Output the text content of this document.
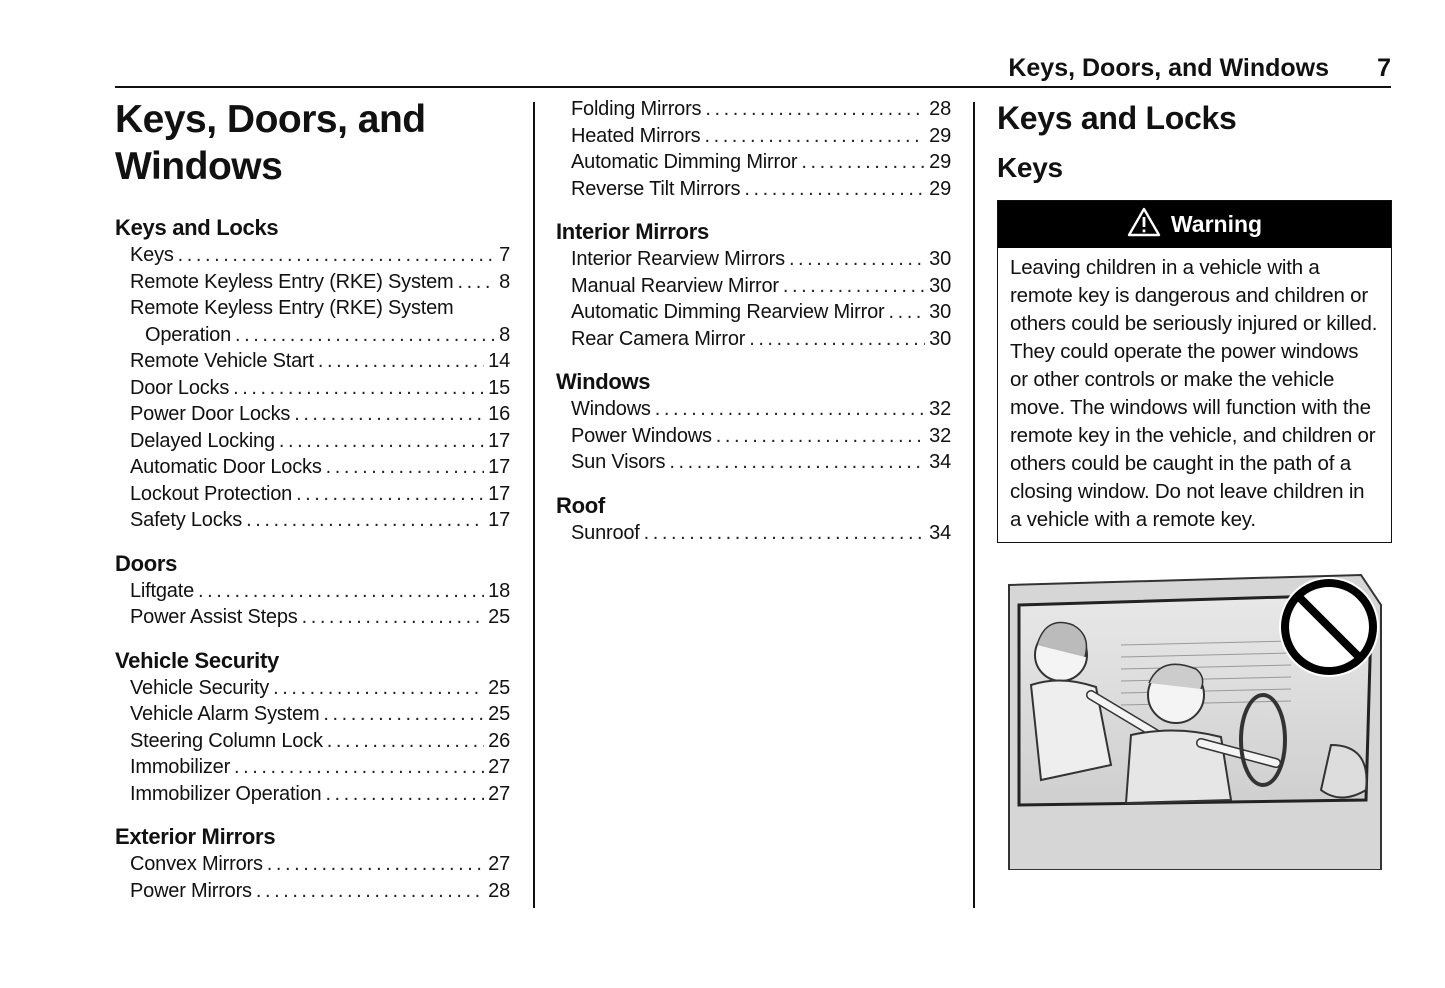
Keys, Doors, and Windows 7
Keys, Doors, and
Windows
Keys and Locks
Keys . . .	7
Remote Keyless Entry (RKE) System . . . 8
Remote Keyless Entry (RKE) System
Operation . . .	8
Remote Vehicle Start . . .	14
Door Locks . . .	15
Power Door Locks . . .	16
Delayed Locking . . .	17
Automatic Door Locks . . .	17
Lockout Protection . . .	17
Safety Locks . . .	17
Doors
Liftgate . . .	18
Power Assist Steps . . .	25
Vehicle Security
Vehicle Security . . .	25
Vehicle Alarm System . . .	25
Steering Column Lock . . .	26
Immobilizer . . .	27
Immobilizer Operation . . .	27
Exterior Mirrors
Convex Mirrors . . .	27
Power Mirrors . . .	28
Folding Mirrors . . .	28
Heated Mirrors . . .	29
Automatic Dimming Mirror . . .	29
Reverse Tilt Mirrors . . .	29
Interior Mirrors
Interior Rearview Mirrors . . .	30
Manual Rearview Mirror . . .	30
Automatic Dimming Rearview Mirror . . . 30
Rear Camera Mirror . . .	30
Windows
Windows . . .	32
Power Windows . . .	32
Sun Visors . . .	34
Roof
Sunroof . . .	34
Keys and Locks
Keys
Warning
Leaving children in a vehicle with a remote key is dangerous and children or others could be seriously injured or killed. They could operate the power windows or other controls or make the vehicle move. The windows will function with the remote key in the vehicle, and children or others could be caught in the path of a closing window. Do not leave children in a vehicle with a remote key.
